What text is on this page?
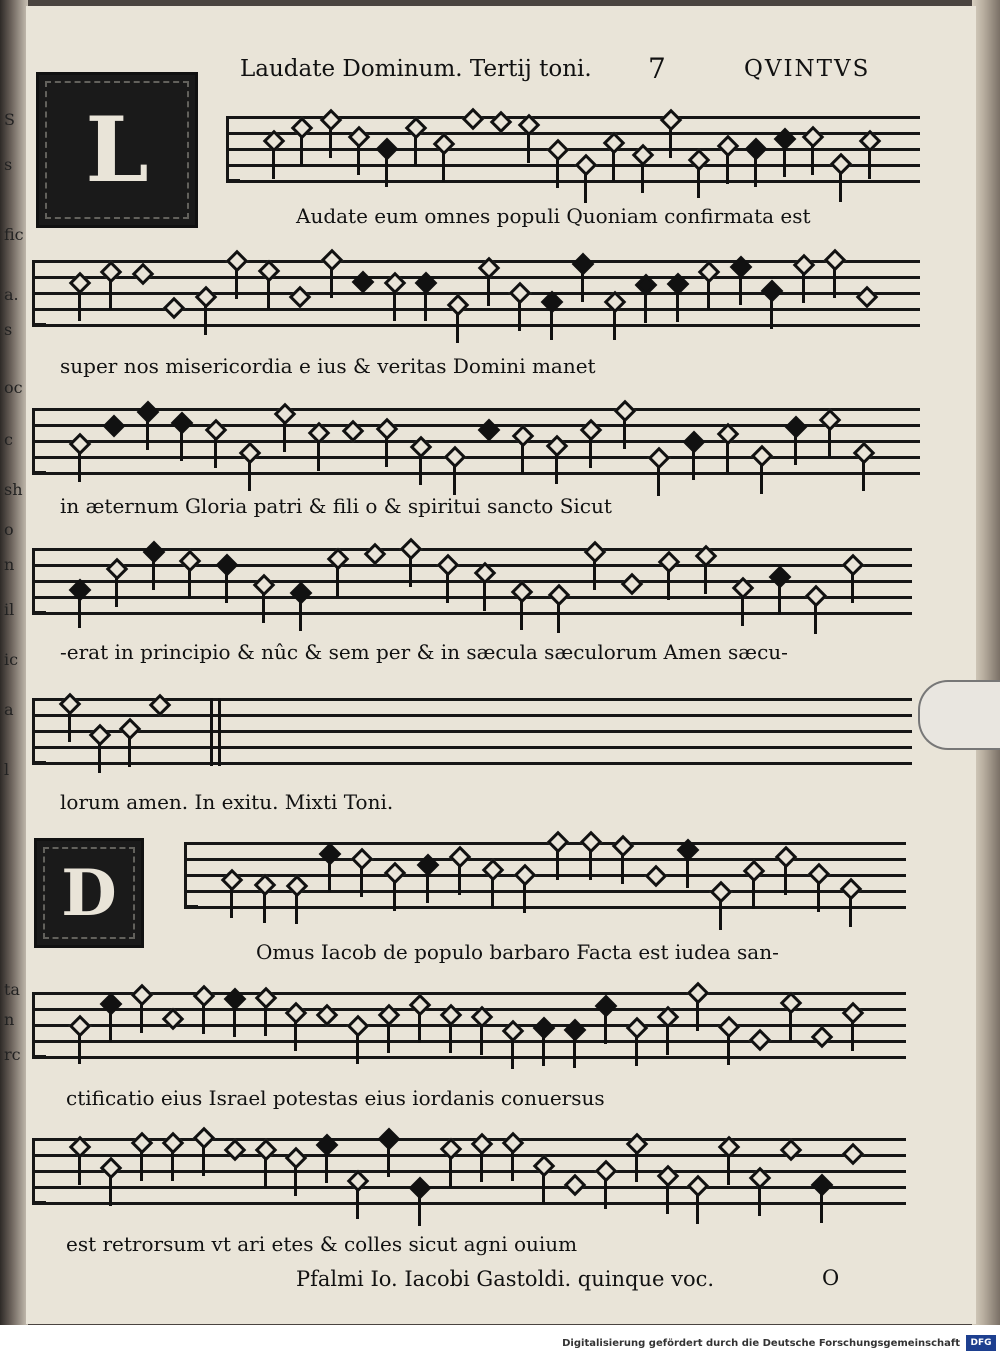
S
s
fic
a.
s
oc
c
sh
o
n
il
ic
a
l
ta
n
rc
Laudate Dominum. Tertij toni. 7	QVINTVS
L
D
Audate eum omnes populi Quoniam confirmata est
super nos misericordia e ius & veritas Domini manet
in æternum Gloria patri & fili o & spiritui sancto Sicut
-erat in principio & nûc & sem per & in sæcula sæculorum Amen sæcu-
lorum amen. In exitu. Mixti Toni.
Omus Iacob de populo barbaro Facta est iudea san-
ctificatio eius Israel potestas eius iordanis conuersus
est retrorsum vt ari etes & colles sicut agni ouium
Pfalmi Io. Iacobi Gastoldi. quinque voc.	O
Digitalisierung gefördert durch die Deutsche Forschungsgemeinschaft	DFG
